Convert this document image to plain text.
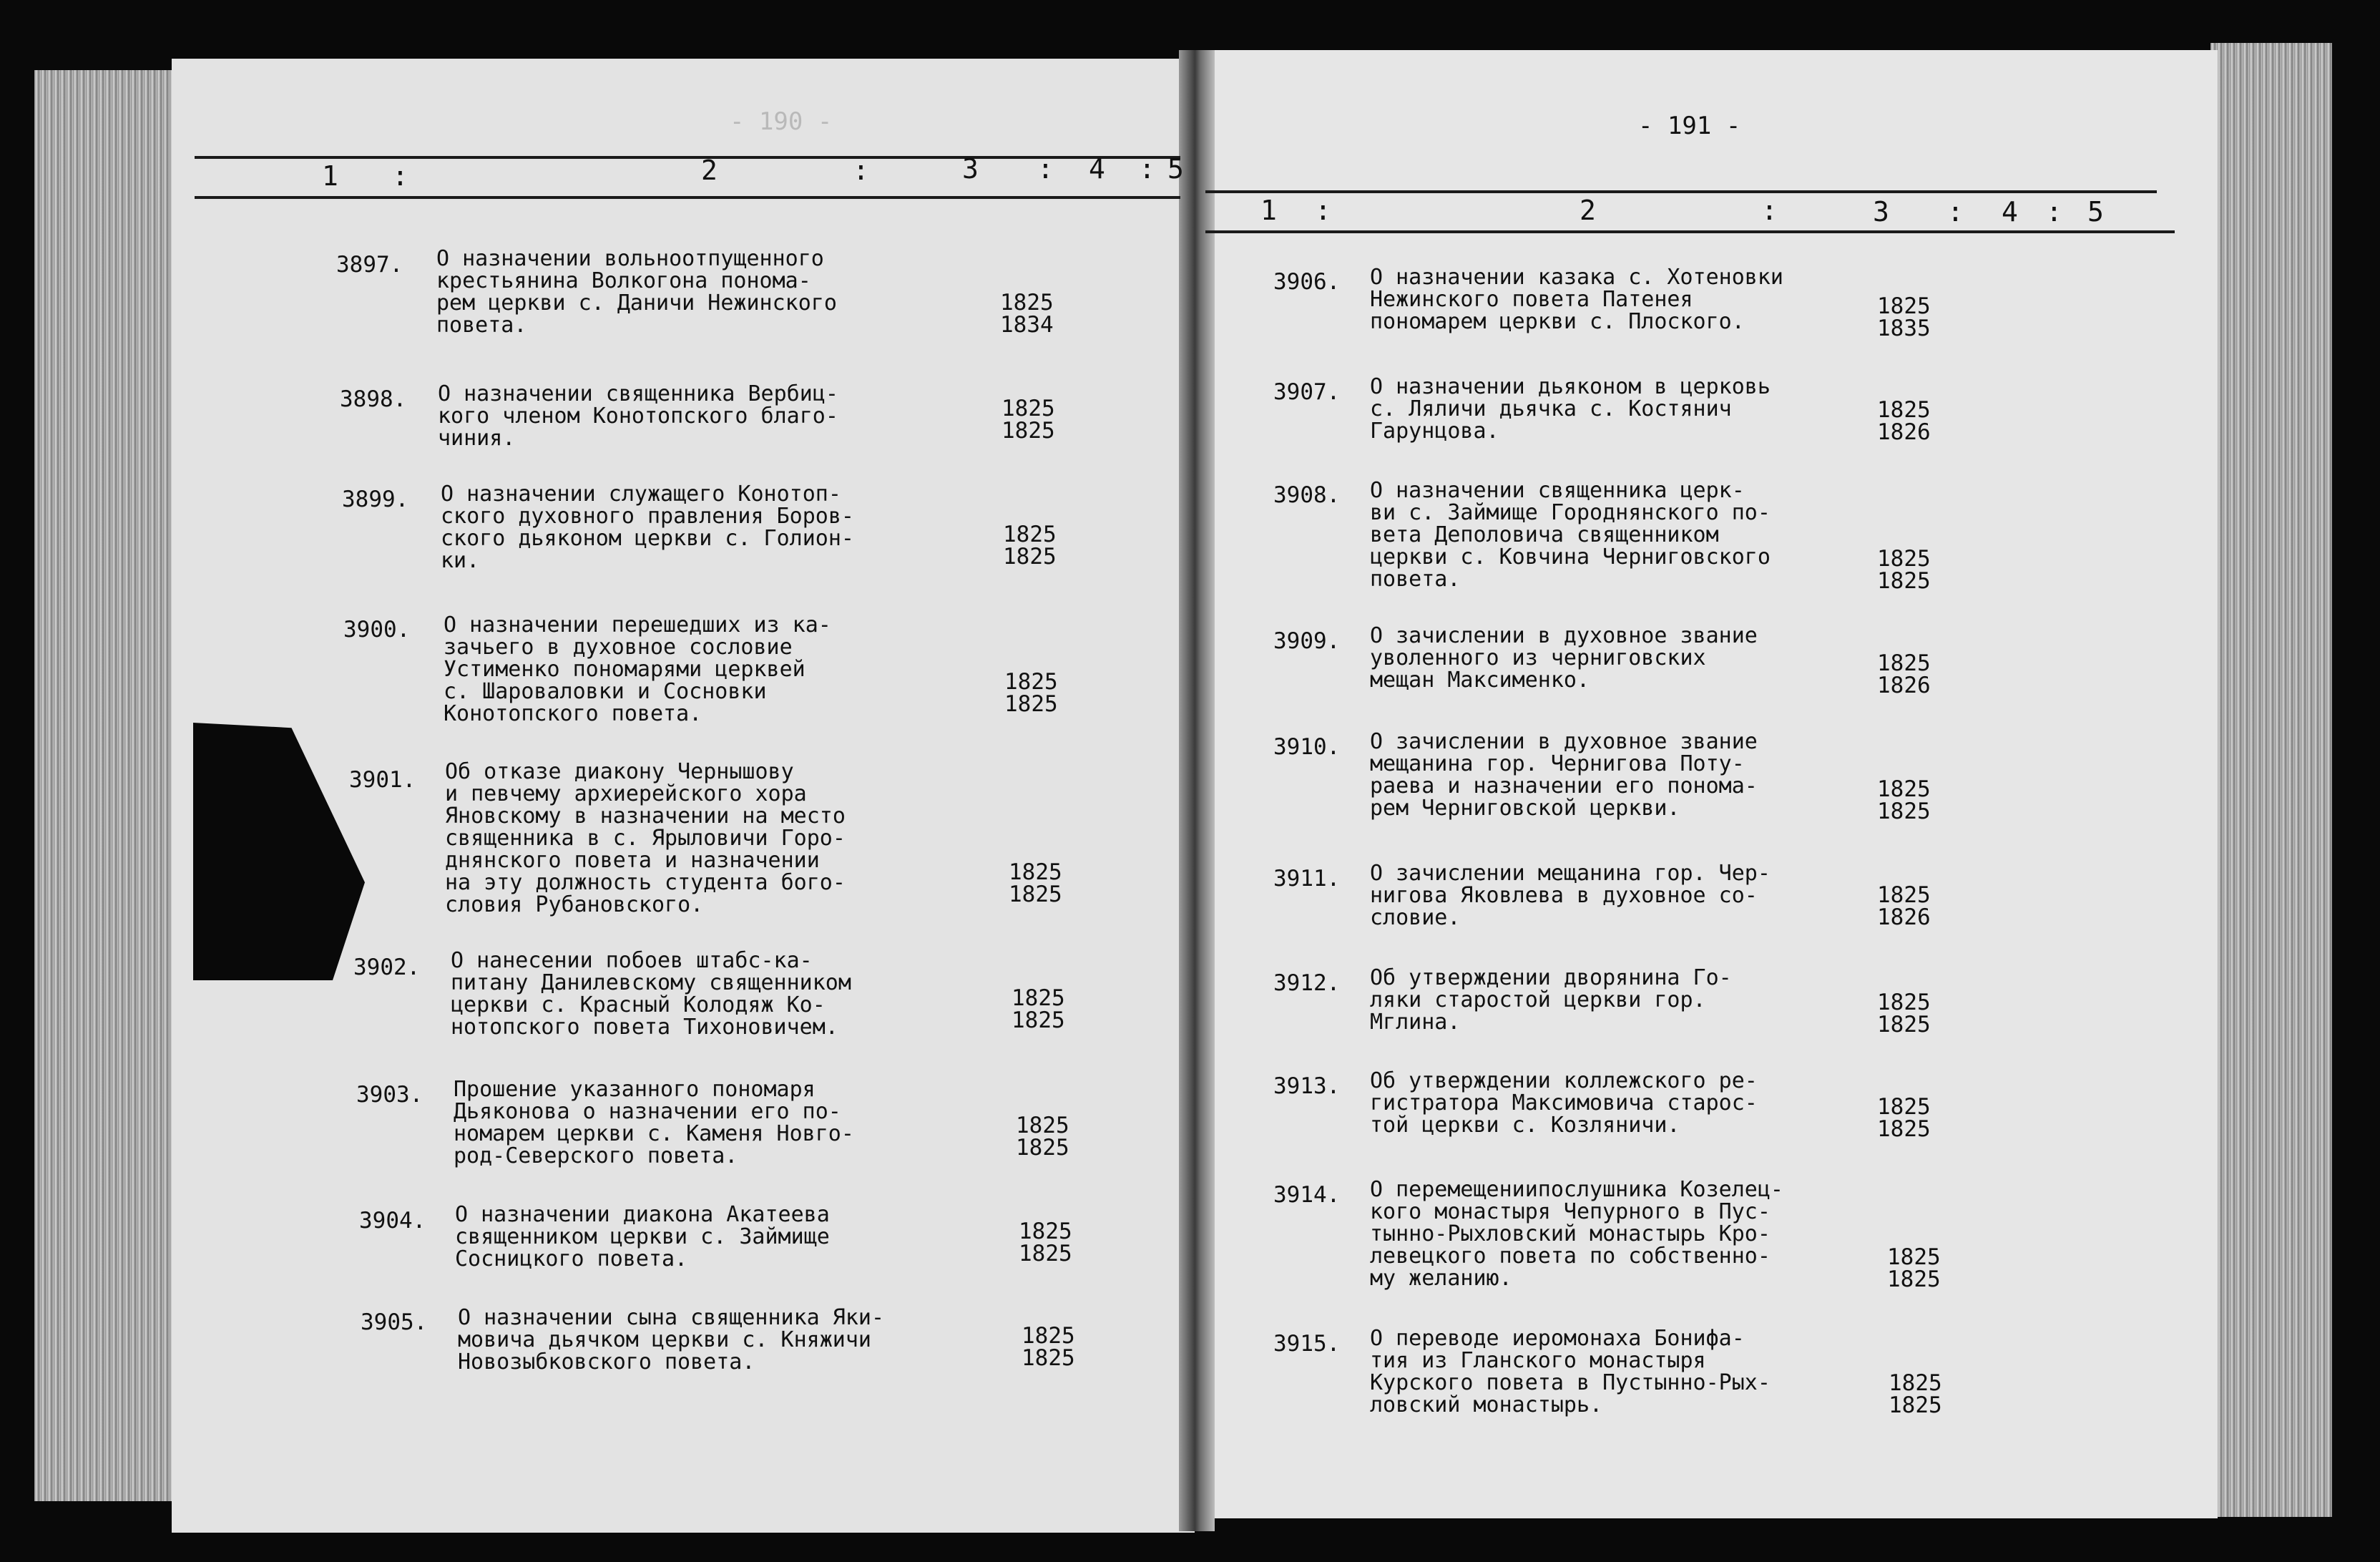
- 190 -	- 191 -
1 :	2	:	3 : 4 : 5
1 :	2	:	3 : 4 : 5
3897. О назначении вольноотпущенного
крестьянина Волкогона понома-
рем церкви с. Даничи Нежинского
повета.
1825
1834
3898. О назначении священника Вербиц-
кого членом Конотопского благо-
чиния.
1825
1825
3899. О назначении служащего Конотоп-
ского духовного правления Боров-
ского дьяконом церкви с. Голион-
ки.
1825
1825
3900. О назначении перешедших из ка-
зачьего в духовное сословие
Устименко пономарями церквей
с. Шароваловки и Сосновки
Конотопского повета.
1825
1825
3901. Об отказе диакону Чернышову
и певчему архиерейского хора
Яновскому в назначении на место
священника в с. Ярыловичи Горо-
днянского повета и назначении
на эту должность студента бого-
словия Рубановского.
1825
1825
3902. О нанесении побоев штабс-ка-
питану Данилевскому священником
церкви с. Красный Колодяж Ко-
нотопского повета Тихоновичем.
1825
1825
3903. Прошение указанного пономаря
Дьяконова о назначении его по-
номарем церкви с. Каменя Новго-
род-Северского повета.
1825
1825
3904. О назначении диакона Акатеева
священником церкви с. Займище
Сосницкого повета.
1825
1825
3905. О назначении сына священника Яки-
мовича дьячком церкви с. Княжичи
Новозыбковского повета.
1825
1825
3906. О назначении казака с. Хотеновки Нежинского повета Патенея
пономарем церкви с. Плоского.
1825
1835
3907. О назначении дьяконом в церковь
с. Ляличи дьячка с. Костянич
Гарунцова.
1825
1826
3908. О назначении священника церк-
ви с. Займище Городнянского по-
вета Деполовича священником
церкви с. Ковчина Черниговского
повета.
1825
1825
3909. О зачислении в духовное звание
уволенного из черниговских
мещан Максименко.
1825
1826
3910. О зачислении в духовное звание
мещанина гор. Чернигова Поту-
раева и назначении его понома-
рем Черниговской церкви.
1825
1825
3911. О зачислении мещанина гор. Чер-
нигова Яковлева в духовное со-
словие.
1825
1826
3912. Об утверждении дворянина Го-
ляки старостой церкви гор.
Мглина.
1825
1825
3913. Об утверждении коллежского ре-
гистратора Максимовича старос-
той церкви с. Козляничи.
1825
1825
3914. О перемещениипослушника Козелец-
кого монастыря Чепурного в Пус-
тынно-Рыхловский монастырь Кро-
левецкого повета по собственно-
му желанию.
1825
1825
3915. О переводе иеромонаха Бонифа-
тия из Гланского монастыря
Курского повета в Пустынно-Рых-
ловский монастырь.
1825
1825
